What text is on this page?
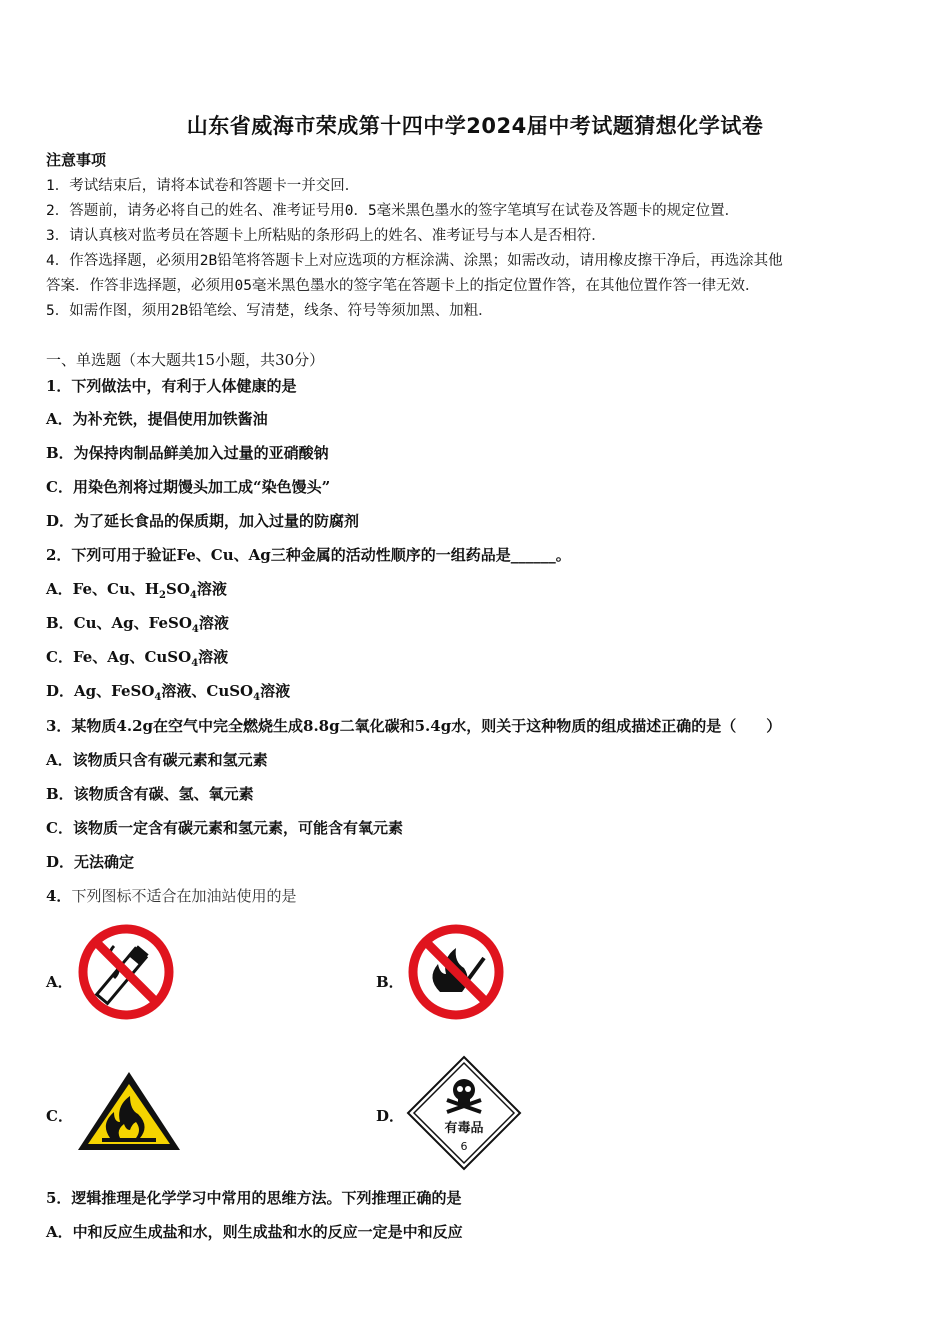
山东省威海市荣成第十四中学2024届中考试题猜想化学试卷
注意事项
1．考试结束后，请将本试卷和答题卡一并交回．
2．答题前，请务必将自己的姓名、准考证号用0．5毫米黑色墨水的签字笔填写在试卷及答题卡的规定位置．
3．请认真核对监考员在答题卡上所粘贴的条形码上的姓名、准考证号与本人是否相符．
4．作答选择题，必须用2B铅笔将答题卡上对应选项的方框涂满、涂黑；如需改动，请用橡皮擦干净后，再选涂其他
答案．作答非选择题，必须用05毫米黑色墨水的签字笔在答题卡上的指定位置作答，在其他位置作答一律无效．
5．如需作图，须用2B铅笔绘、写清楚，线条、符号等须加黑、加粗．
一、单选题（本大题共15小题，共30分）
1．下列做法中，有利于人体健康的是
A．为补充铁，提倡使用加铁酱油
B．为保持肉制品鲜美加入过量的亚硝酸钠
C．用染色剂将过期馒头加工成“染色馒头”
D．为了延长食品的保质期，加入过量的防腐剂
2．下列可用于验证Fe、Cu、Ag三种金属的活动性顺序的一组药品是______。
A．Fe、Cu、$H_2SO_4$溶液
B．Cu、Ag、FeSO$_4$溶液
C．Fe、Ag、CuSO$_4$溶液
D．Ag、FeSO$_4$溶液、CuSO$_4$溶液
3．某物质4.2g在空气中完全燃烧生成8.8g二氧化碳和5.4g水，则关于这种物质的组成描述正确的是（　　）
A．该物质只含有碳元素和氢元素
B．该物质含有碳、氢、氧元素
C．该物质一定含有碳元素和氢元素，可能含有氧元素
D．无法确定
4．下列图标不适合在加油站使用的是
A．	B．
C．	D．
有毒品
6
5．逻辑推理是化学学习中常用的思维方法。下列推理正确的是
A．中和反应生成盐和水，则生成盐和水的反应一定是中和反应
